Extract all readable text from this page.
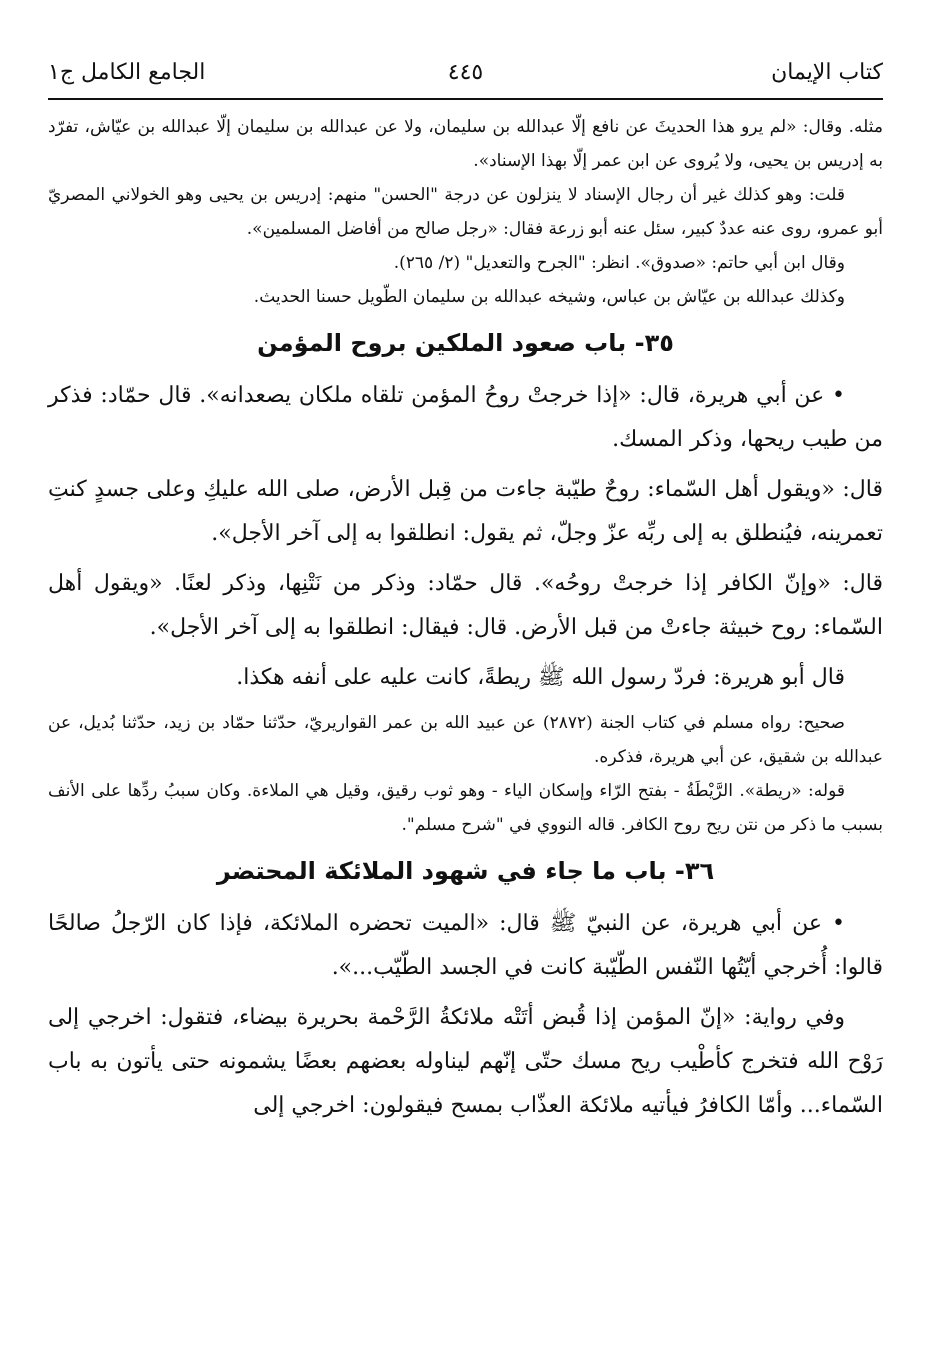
كتاب الإيمان
٤٤٥
الجامع الكامل ج١

مثله. وقال: «لم يرو هذا الحديثَ عن نافع إلّا عبدالله بن سليمان، ولا عن عبدالله بن سليمان إلّا عبدالله بن عيّاش، تفرّد به إدريس بن يحيى، ولا يُروى عن ابن عمر إلّا بهذا الإسناد».

قلت: وهو كذلك غير أن رجال الإسناد لا ينزلون عن درجة "الحسن" منهم: إدريس بن يحيى وهو الخولاني المصريّ أبو عمرو، روى عنه عددٌ كبير، سئل عنه أبو زرعة فقال: «رجل صالح من أفاضل المسلمين».

وقال ابن أبي حاتم: «صدوق». انظر: "الجرح والتعديل" (٢/ ٢٦٥).

وكذلك عبدالله بن عيّاش بن عباس، وشيخه عبدالله بن سليمان الطّويل حسنا الحديث.

٣٥- باب صعود الملكين بروح المؤمن

• عن أبي هريرة، قال: «إذا خرجتْ روحُ المؤمن تلقاه ملكان يصعدانه». قال حمّاد: فذكر من طيب ريحها، وذكر المسك.

قال: «ويقول أهل السّماء: روحٌ طيّبة جاءت من قِبل الأرض، صلى الله عليكِ وعلى جسدٍ كنتِ تعمرينه، فيُنطلق به إلى ربِّه عزّ وجلّ، ثم يقول: انطلقوا به إلى آخر الأجل».

قال: «وإنّ الكافر إذا خرجتْ روحُه». قال حمّاد: وذكر من نَتْنِها، وذكر لعنًا. «ويقول أهل السّماء: روح خبيثة جاءتْ من قبل الأرض. قال: فيقال: انطلقوا به إلى آخر الأجل».

قال أبو هريرة: فردّ رسول الله ﷺ ريطةً، كانت عليه على أنفه هكذا.

صحيح: رواه مسلم في كتاب الجنة (٢٨٧٢) عن عبيد الله بن عمر القواريريّ، حدّثنا حمّاد بن زيد، حدّثنا بُديل، عن عبدالله بن شقيق، عن أبي هريرة، فذكره.

قوله: «ريطة». الرَّيْطَةُ - بفتح الرّاء وإسكان الياء - وهو ثوب رقيق، وقيل هي الملاءة. وكان سببُ ردِّها على الأنف بسبب ما ذكر من نتن ريح روح الكافر. قاله النووي في "شرح مسلم".

٣٦- باب ما جاء في شهود الملائكة المحتضر

• عن أبي هريرة، عن النبيّ ﷺ قال: «الميت تحضره الملائكة، فإذا كان الرّجلُ صالحًا قالوا: أُخرجي أيّتُها النّفس الطّيّبة كانت في الجسد الطّيّب...».

وفي رواية: «إنّ المؤمن إذا قُبض أتَتْه ملائكةُ الرَّحْمة بحريرة بيضاء، فتقول: اخرجي إلى رَوْح الله فتخرج كأطْيب ريح مسك حتّى إنّهم ليناوله بعضهم بعضًا يشمونه حتى يأتون به باب السّماء... وأمّا الكافرُ فيأتيه ملائكة العذّاب بمسح فيقولون: اخرجي إلى
